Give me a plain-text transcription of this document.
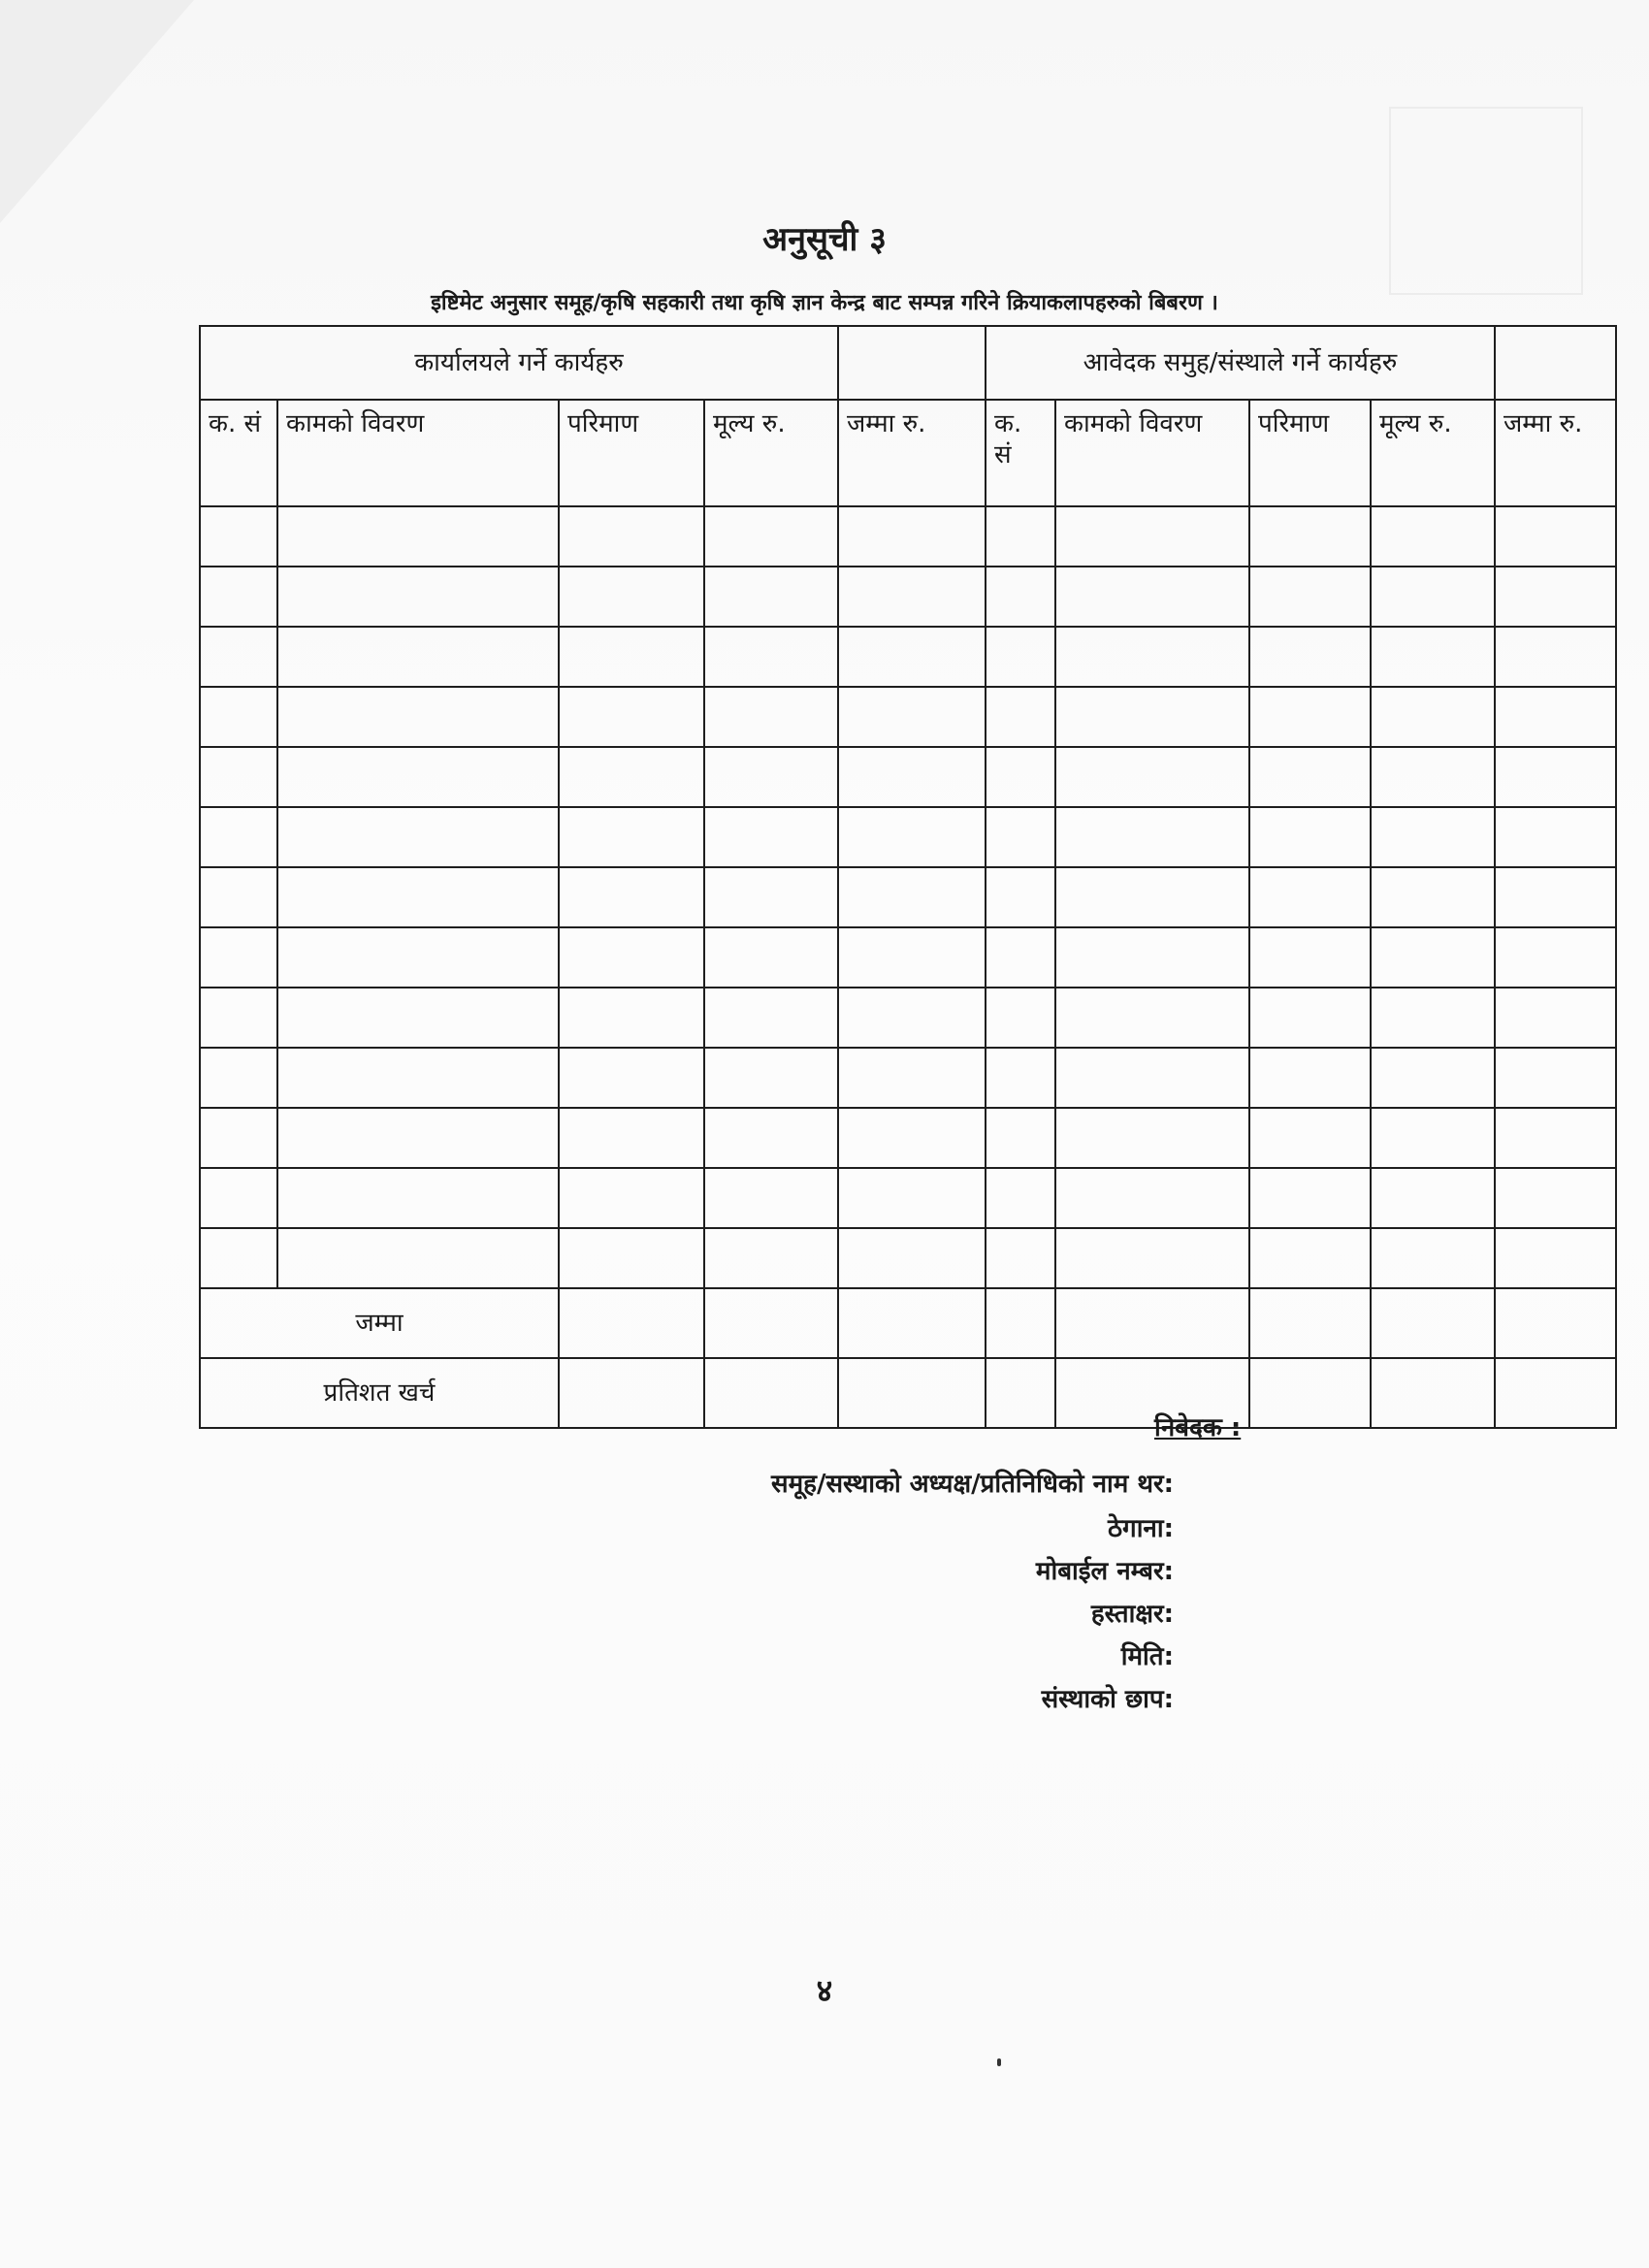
अनुसूची ३
इष्टिमेट अनुसार समूह/कृषि सहकारी तथा कृषि ज्ञान केन्द्र बाट सम्पन्न गरिने क्रियाकलापहरुको बिबरण ।
कार्यालयले गर्ने कार्यहरु					आवेदक समुह/संस्थाले गर्ने कार्यहरु				
क. सं	कामको विवरण	परिमाण	मूल्य रु.	जम्मा रु.	क. सं	कामको विवरण	परिमाण	मूल्य रु.	जम्मा रु.

जम्मा									
प्रतिशत खर्च									
निबेदक :
समूह/सस्थाको अध्यक्ष/प्रतिनिधिको नाम थर:
ठेगाना:
मोबाईल नम्बर:
हस्ताक्षर:
मिति:
संस्थाको छाप:
४
